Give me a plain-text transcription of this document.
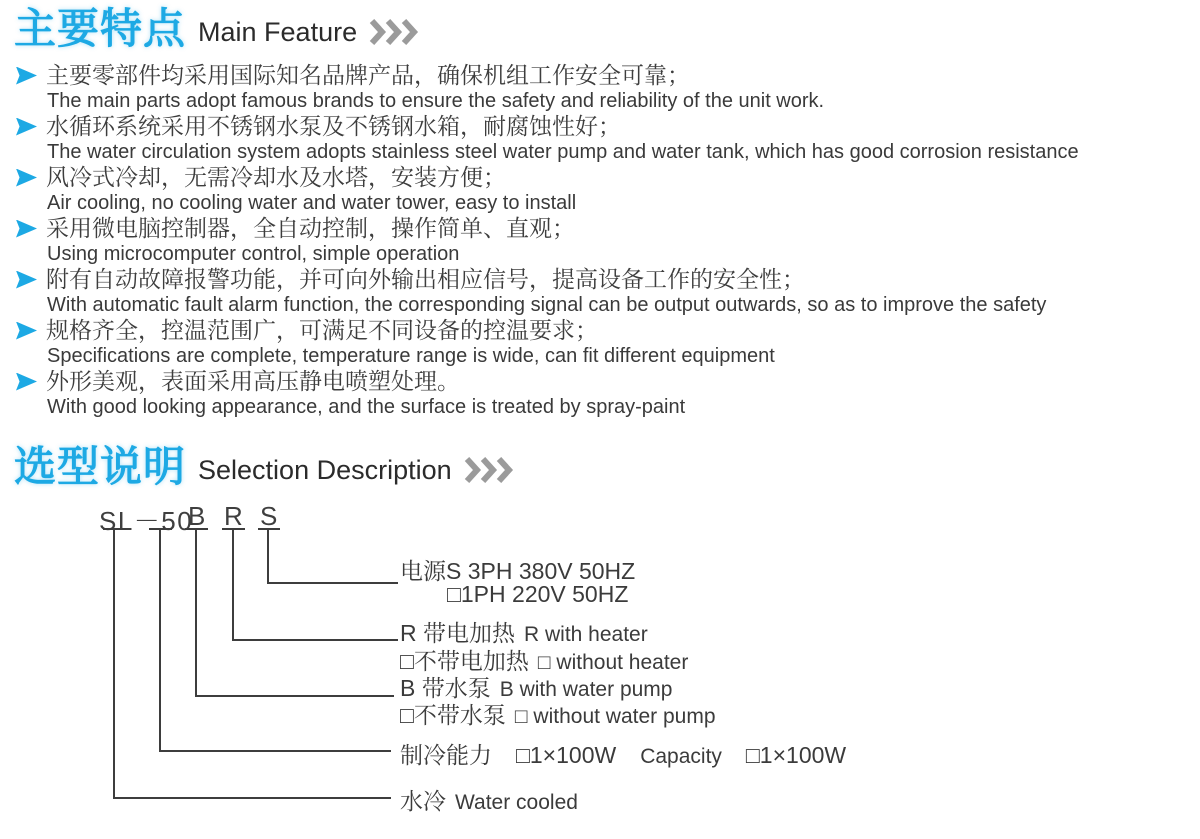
主要特点 Main Feature
主要零部件均采用国际知名品牌产品，确保机组工作安全可靠；
The main parts adopt famous brands to ensure the safety and reliability of the unit work.
水循环系统采用不锈钢水泵及不锈钢水箱，耐腐蚀性好；
The water circulation system adopts stainless steel water pump and water tank, which has good corrosion resistance
风冷式冷却，无需冷却水及水塔，安装方便；
Air cooling, no cooling water and water tower, easy to install
采用微电脑控制器，全自动控制，操作简单、直观；
Using microcomputer control, simple operation
附有自动故障报警功能，并可向外输出相应信号，提高设备工作的安全性；
With automatic fault alarm function, the corresponding signal can be output outwards, so as to improve the safety
规格齐全，控温范围广，可满足不同设备的控温要求；
Specifications are complete, temperature range is wide, can fit different equipment
外形美观，表面采用高压静电喷塑处理。
With good looking appearance, and the surface is treated by spray-paint
选型说明 Selection Description
SL－50
B R S
电源S 3PH 380V 50HZ
□1PH 220V 50HZ
R 带电加热 R with heater
□不带电加热 □ without heater
B 带水泵 B with water pump
□不带水泵 □ without water pump
制冷能力 □1×100W Capacity □1×100W
水冷 Water cooled
